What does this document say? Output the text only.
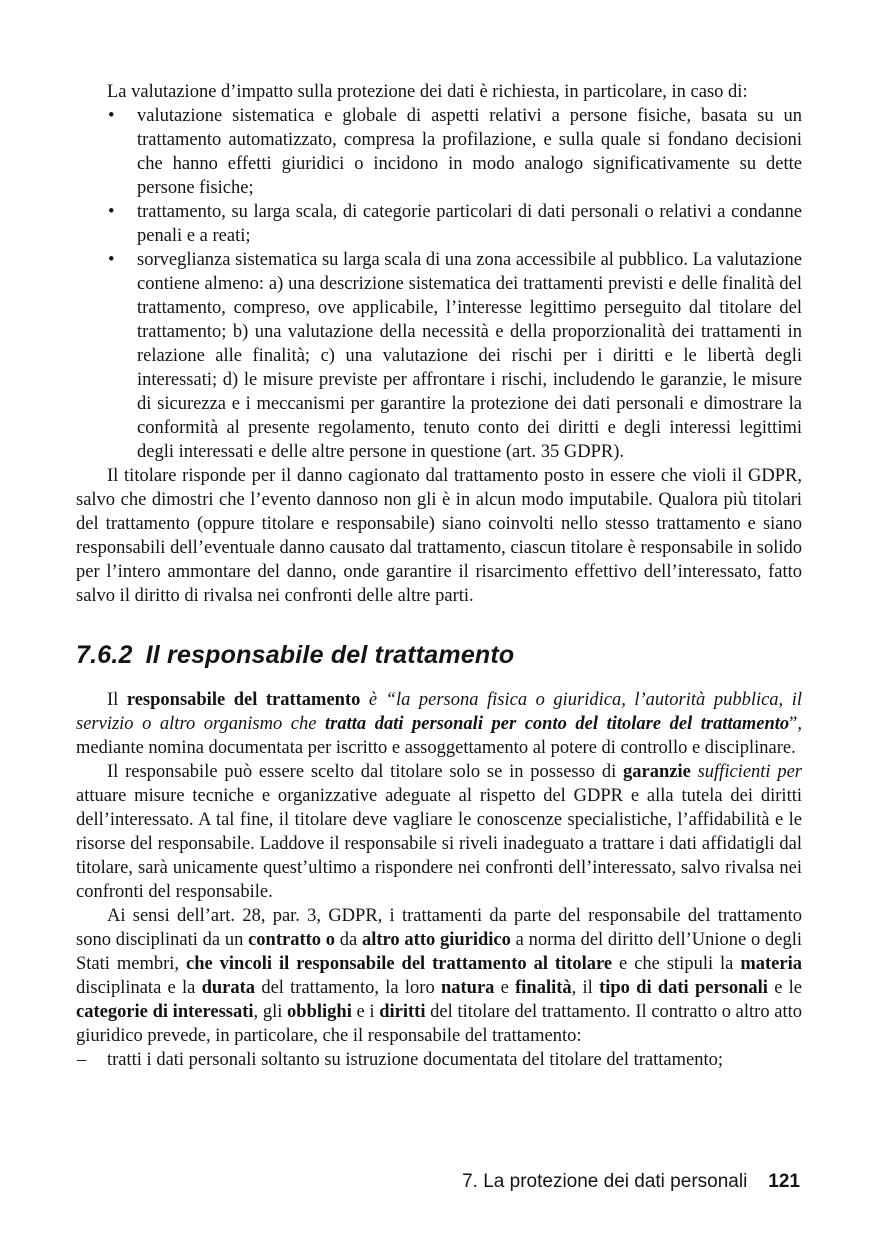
La valutazione d’impatto sulla protezione dei dati è richiesta, in particolare, in caso di:

• valutazione sistematica e globale di aspetti relativi a persone fisiche, basata su un trattamento automatizzato, compresa la profilazione, e sulla quale si fondano decisioni che hanno effetti giuridici o incidono in modo analogo significativamente su dette persone fisiche;
• trattamento, su larga scala, di categorie particolari di dati personali o relativi a condanne penali e a reati;
• sorveglianza sistematica su larga scala di una zona accessibile al pubblico. La valutazione contiene almeno: a) una descrizione sistematica dei trattamenti previsti e delle finalità del trattamento, compreso, ove applicabile, l’interesse legittimo perseguito dal titolare del trattamento; b) una valutazione della necessità e della proporzionalità dei trattamenti in relazione alle finalità; c) una valutazione dei rischi per i diritti e le libertà degli interessati; d) le misure previste per affrontare i rischi, includendo le garanzie, le misure di sicurezza e i meccanismi per garantire la protezione dei dati personali e dimostrare la conformità al presente regolamento, tenuto conto dei diritti e degli interessi legittimi degli interessati e delle altre persone in questione (art. 35 GDPR).

Il titolare risponde per il danno cagionato dal trattamento posto in essere che violi il GDPR, salvo che dimostri che l’evento dannoso non gli è in alcun modo imputabile. Qualora più titolari del trattamento (oppure titolare e responsabile) siano coinvolti nello stesso trattamento e siano responsabili dell’eventuale danno causato dal trattamento, ciascun titolare è responsabile in solido per l’intero ammontare del danno, onde garantire il risarcimento effettivo dell’interessato, fatto salvo il diritto di rivalsa nei confronti delle altre parti.

7.6.2 Il responsabile del trattamento

Il responsabile del trattamento è “la persona fisica o giuridica, l’autorità pubblica, il servizio o altro organismo che tratta dati personali per conto del titolare del trattamento”, mediante nomina documentata per iscritto e assoggettamento al potere di controllo e disciplinare.

Il responsabile può essere scelto dal titolare solo se in possesso di garanzie sufficienti per attuare misure tecniche e organizzative adeguate al rispetto del GDPR e alla tutela dei diritti dell’interessato. A tal fine, il titolare deve vagliare le conoscenze specialistiche, l’affidabilità e le risorse del responsabile. Laddove il responsabile si riveli inadeguato a trattare i dati affidatigli dal titolare, sarà unicamente quest’ultimo a rispondere nei confronti dell’interessato, salvo rivalsa nei confronti del responsabile.

Ai sensi dell’art. 28, par. 3, GDPR, i trattamenti da parte del responsabile del trattamento sono disciplinati da un contratto o da altro atto giuridico a norma del diritto dell’Unione o degli Stati membri, che vincoli il responsabile del trattamento al titolare e che stipuli la materia disciplinata e la durata del trattamento, la loro natura e finalità, il tipo di dati personali e le categorie di interessati, gli obblighi e i diritti del titolare del trattamento. Il contratto o altro atto giuridico prevede, in particolare, che il responsabile del trattamento:

– tratti i dati personali soltanto su istruzione documentata del titolare del trattamento;
7. La protezione dei dati personali 121
